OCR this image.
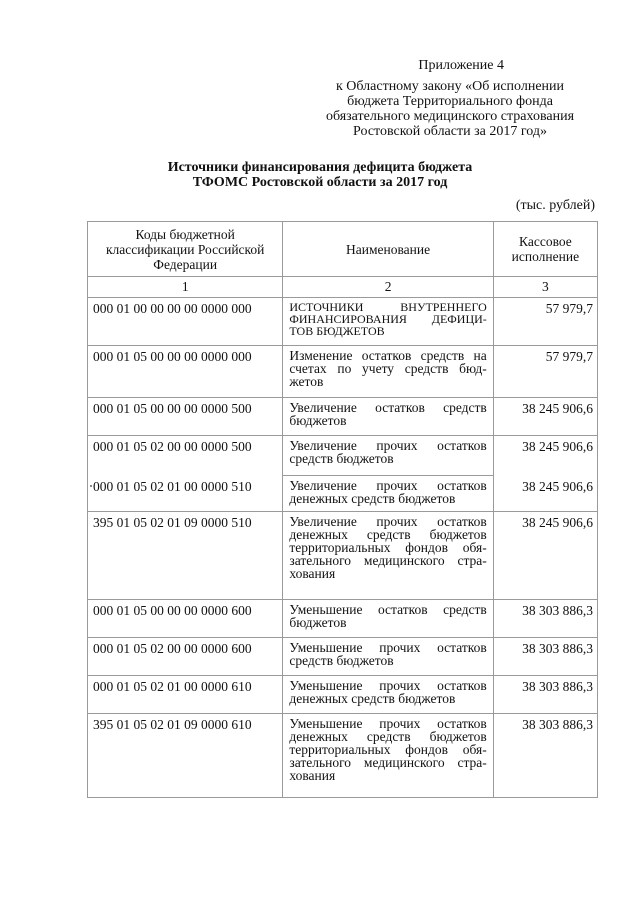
Приложение 4
к Областному закону «Об исполнении
бюджета Территориального фонда
обязательного медицинского страхования
Ростовской области за 2017 год»
Источники финансирования дефицита бюджета
ТФОМС Ростовской области за 2017 год
(тыс. рублей)
Коды бюджетной классификации Российской Федерации	Наименование	Кассовое исполнение
1	2	3
000 01 00 00 00 00 0000 000	ИСТОЧНИКИ ВНУТРЕННЕГО ФИНАНСИРОВАНИЯ ДЕФИЦИ-ТОВ БЮДЖЕТОВ	57 979,7
000 01 05 00 00 00 0000 000	Изменение остатков средств на счетах по учету средств бюд-жетов	57 979,7
000 01 05 00 00 00 0000 500	Увеличение остатков средств бюджетов	38 245 906,6
000 01 05 02 00 00 0000 500	Увеличение прочих остатков средств бюджетов	38 245 906,6
000 01 05 02 01 00 0000 510	Увеличение прочих остатков денежных средств бюджетов	38 245 906,6
395 01 05 02 01 09 0000 510	Увеличение прочих остатков денежных средств бюджетов территориальных фондов обя-зательного медицинского стра-хования	38 245 906,6
000 01 05 00 00 00 0000 600	Уменьшение остатков средств бюджетов	38 303 886,3
000 01 05 02 00 00 0000 600	Уменьшение прочих остатков средств бюджетов	38 303 886,3
000 01 05 02 01 00 0000 610	Уменьшение прочих остатков денежных средств бюджетов	38 303 886,3
395 01 05 02 01 09 0000 610	Уменьшение прочих остатков денежных средств бюджетов территориальных фондов обя-зательного медицинского стра-хования	38 303 886,3
